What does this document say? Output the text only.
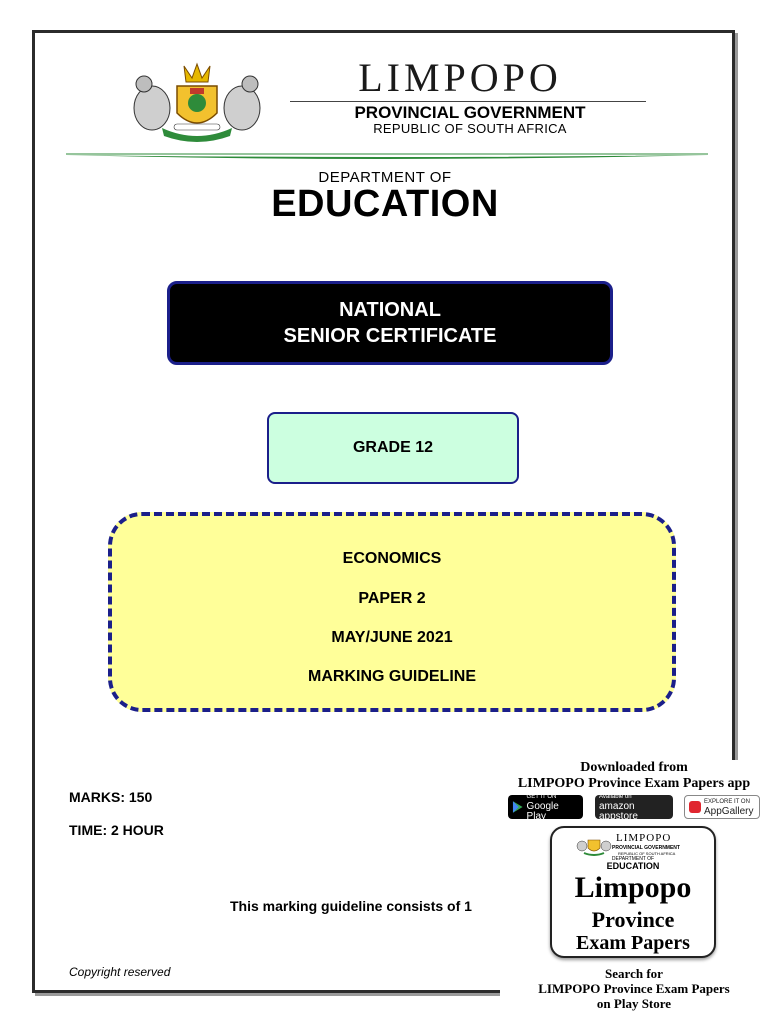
LIMPOPO
PROVINCIAL GOVERNMENT
REPUBLIC OF SOUTH AFRICA
DEPARTMENT OF
EDUCATION
NATIONAL
SENIOR CERTIFICATE
GRADE 12
ECONOMICS
PAPER 2
MAY/JUNE 2021
MARKING GUIDELINE
MARKS: 150
TIME: 2 HOUR
This marking guideline consists of 1
Copyright reserved
Downloaded from
LIMPOPO Province Exam Papers app
GET IT ON
Google Play
Available on
amazon appstore
EXPLORE IT ON
AppGallery
LIMPOPO
PROVINCIAL GOVERNMENT
REPUBLIC OF SOUTH AFRICA
DEPARTMENT OF
EDUCATION
Limpopo
Province
Exam Papers
Search for
LIMPOPO Province Exam Papers
on Play Store
